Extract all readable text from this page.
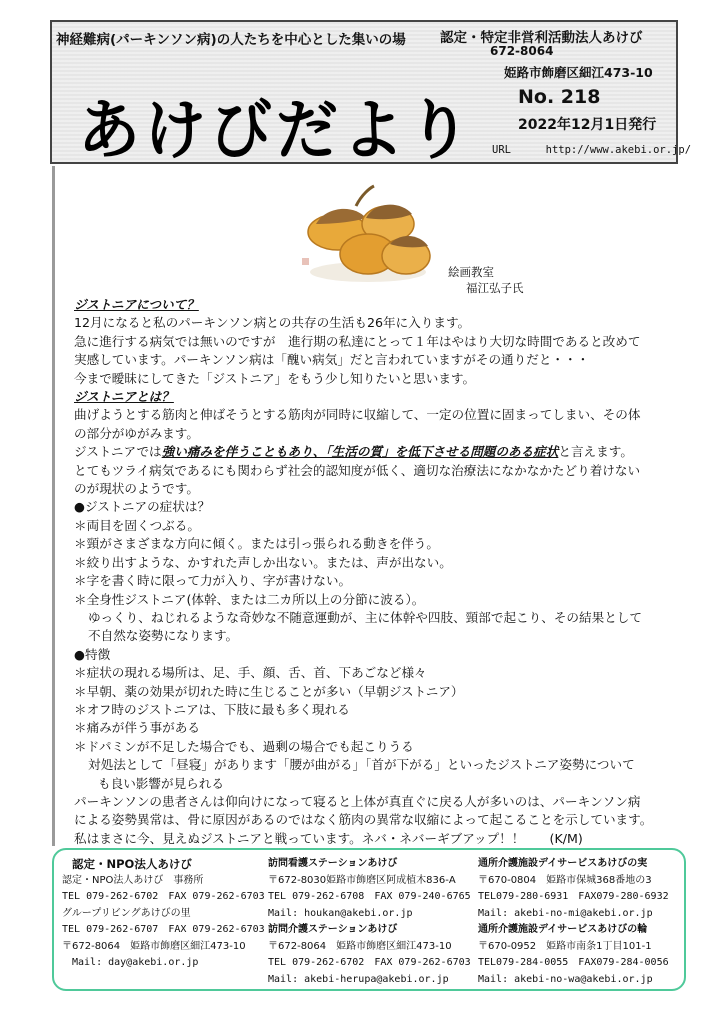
神経難病(パーキンソン病)の人たちを中心とした集いの場
あけびだより
認定・特定非営利活動法人あけび
672-8064
姫路市飾磨区細江473-10
No. 218
2022年12月1日発行
URL	http://www.akebi.or.jp/
絵画教室
福江弘子氏
ジストニアについて？
12月になると私のパーキンソン病との共存の生活も26年に入ります。
急に進行する病気では無いのですが　進行期の私達にとって１年はやはり大切な時間であると改めて
実感しています。パーキンソン病は「醜い病気」だと言われていますがその通りだと・・・
今まで曖昧にしてきた「ジストニア」をもう少し知りたいと思います。
ジストニアとは？
曲げようとする筋肉と伸ばそうとする筋肉が同時に収縮して、一定の位置に固まってしまい、その体
の部分がゆがみます。
ジストニアでは強い痛みを伴うこともあり、「生活の質」を低下させる問題のある症状と言えます。
とてもツライ病気であるにも関わらず社会的認知度が低く、適切な治療法になかなかたどり着けない
のが現状のようです。
●ジストニアの症状は？
＊両目を固くつぶる。
＊頸がさまざまな方向に傾く。または引っ張られる動きを伴う。
＊絞り出すような、かすれた声しか出ない。または、声が出ない。
＊字を書く時に限って力が入り、字が書けない。
＊全身性ジストニア(体幹、または二カ所以上の分節に波る）。
ゆっくり、ねじれるような奇妙な不随意運動が、主に体幹や四肢、頸部で起こり、その結果として
不自然な姿勢になります。
●特徴
＊症状の現れる場所は、足、手、顔、舌、首、下あごなど様々
＊早朝、薬の効果が切れた時に生じることが多い（早朝ジストニア）
＊オフ時のジストニアは、下肢に最も多く現れる
＊痛みが伴う事がある
＊ドパミンが不足した場合でも、過剰の場合でも起こりうる
対処法として「昼寝」があります「腰が曲がる」「首が下がる」といったジストニア姿勢について
も良い影響が見られる
パーキンソンの患者さんは仰向けになって寝ると上体が真直ぐに戻る人が多いのは、パーキンソン病
による姿勢異常は、骨に原因があるのではなく筋肉の異常な収縮によって起こることを示しています。
私はまさに今、見えぬジストニアと戦っています。ネバ・ネバーギブアップ！！　　(K/M)
認定・NPO法人あけび
認定・NPO法人あけび　事務所
TEL 079-262-6702　FAX 079-262-6703
グループリビングあけびの里
TEL 079-262-6707　FAX 079-262-6703
〒672-8064　姫路市飾磨区細江473-10
Mail: day@akebi.or.jp
訪問看護ステーションあけび
〒672-8030姫路市飾磨区阿成植木836-A
TEL 079-262-6708　FAX 079-240-6765
Mail: houkan@akebi.or.jp
訪問介護ステーションあけび
〒672-8064　姫路市飾磨区細江473-10
TEL 079-262-6702　FAX 079-262-6703
Mail: akebi-herupa@akebi.or.jp
通所介護施設デイサービスあけびの実
〒670-0804　姫路市保城368番地の3
TEL079-280-6931　FAX079-280-6932
Mail: akebi-no-mi@akebi.or.jp
通所介護施設デイサービスあけびの輪
〒670-0952　姫路市南条1丁目101-1
TEL079-284-0055　FAX079-284-0056
Mail: akebi-no-wa@akebi.or.jp
